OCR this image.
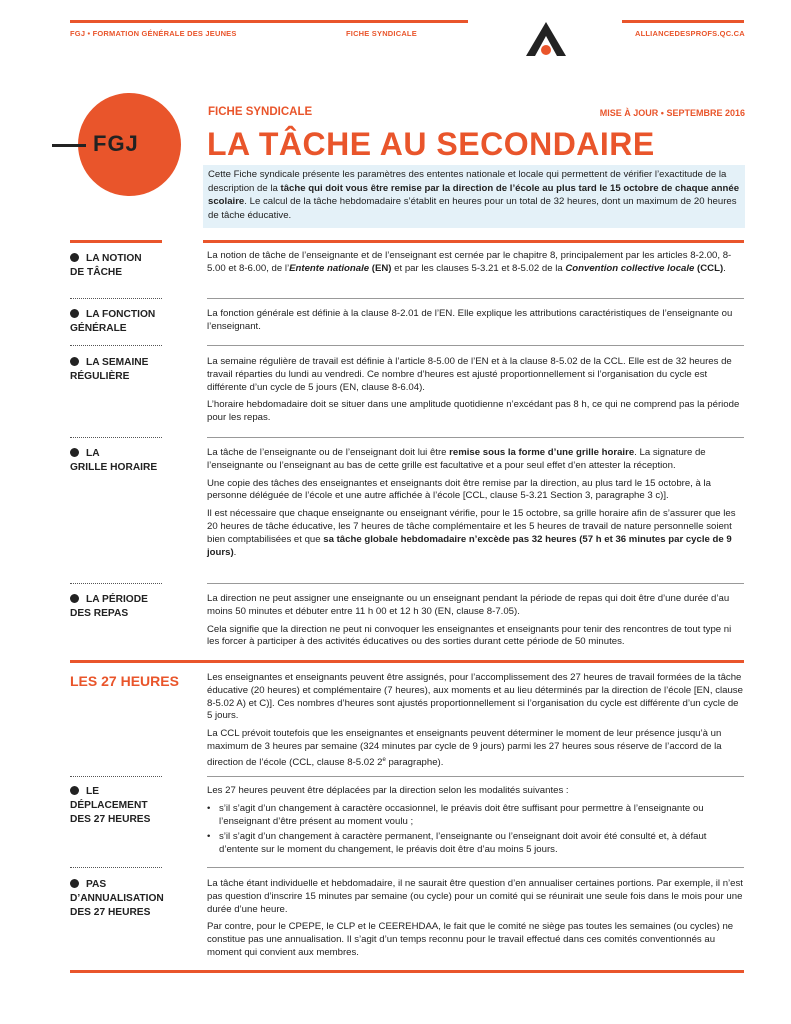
FGJ • FORMATION GÉNÉRALE DES JEUNES	FICHE SYNDICALE	ALLIANCEDESPROFS.QC.CA
FGJ
FICHE SYNDICALE	MISE À JOUR • SEPTEMBRE 2016
LA TÂCHE AU SECONDAIRE
Cette Fiche syndicale présente les paramètres des ententes nationale et locale qui permettent de vérifier l’exactitude de la description de la tâche qui doit vous être remise par la direction de l’école au plus tard le 15 octobre de chaque année scolaire. Le calcul de la tâche hebdomadaire s’établit en heures pour un total de 32 heures, dont un maximum de 20 heures de tâche éducative.
LA NOTION
DE TÂCHE

La notion de tâche de l’enseignante et de l’enseignant est cernée par le chapitre 8, principalement par les articles 8-2.00, 8-5.00 et 8-6.00, de l’Entente nationale (EN) et par les clauses 5-3.21 et 8-5.02 de la Convention collective locale (CCL).

LA FONCTION
GÉNÉRALE

La fonction générale est définie à la clause 8-2.01 de l’EN. Elle explique les attributions caractéristiques de l’enseignante ou l’enseignant.

LA SEMAINE
RÉGULIÈRE

La semaine régulière de travail est définie à l’article 8-5.00 de l’EN et à la clause 8-5.02 de la CCL. Elle est de 32 heures de travail réparties du lundi au vendredi. Ce nombre d’heures est ajusté proportionnellement si l’organisation du cycle est différente d’un cycle de 5 jours (EN, clause 8-6.04).

L’horaire hebdomadaire doit se situer dans une amplitude quotidienne n’excédant pas 8 h, ce qui ne comprend pas la période pour les repas.

LA
GRILLE HORAIRE

La tâche de l’enseignante ou de l’enseignant doit lui être remise sous la forme d’une grille horaire. La signature de l’enseignante ou l’enseignant au bas de cette grille est facultative et a pour seul effet d’en attester la réception.

Une copie des tâches des enseignantes et enseignants doit être remise par la direction, au plus tard le 15 octobre, à la personne déléguée de l’école et une autre affichée à l’école [CCL, clause 5-3.21 Section 3, paragraphe 3 c)].

Il est nécessaire que chaque enseignante ou enseignant vérifie, pour le 15 octobre, sa grille horaire afin de s’assurer que les 20 heures de tâche éducative, les 7 heures de tâche complémentaire et les 5 heures de travail de nature personnelle soient bien comptabilisées et que sa tâche globale hebdomadaire n’excède pas 32 heures (57 h et 36 minutes par cycle de 9 jours).

LA PÉRIODE
DES REPAS

La direction ne peut assigner une enseignante ou un enseignant pendant la période de repas qui doit être d’une durée d’au moins 50 minutes et débuter entre 11 h 00 et 12 h 30 (EN, clause 8-7.05).

Cela signifie que la direction ne peut ni convoquer les enseignantes et enseignants pour tenir des rencontres de tout type ni les forcer à participer à des activités éducatives ou des sorties durant cette période de 50 minutes.

LES 27 HEURES	Les enseignantes et enseignants peuvent être assignés, pour l’accomplissement des 27 heures de travail formées de la tâche éducative (20 heures) et complémentaire (7 heures), aux moments et au lieu déterminés par la direction de l’école [EN, clause 8-5.02 A) et C)]. Ces nombres d’heures sont ajustés proportionnellement si l’organisation du cycle est différente d’un cycle de 5 jours.

La CCL prévoit toutefois que les enseignantes et enseignants peuvent déterminer le moment de leur présence jusqu’à un maximum de 3 heures par semaine (324 minutes par cycle de 9 jours) parmi les 27 heures sous réserve de l’accord de la direction de l’école (CCL, clause 8-5.02 2e paragraphe).

LE
DÉPLACEMENT
DES 27 HEURES

Les 27 heures peuvent être déplacées par la direction selon les modalités suivantes :

• s’il s’agit d’un changement à caractère occasionnel, le préavis doit être suffisant pour permettre à l’enseignante ou l’enseignant d’être présent au moment voulu ;
• s’il s’agit d’un changement à caractère permanent, l’enseignante ou l’enseignant doit avoir été consulté et, à défaut d’entente sur le moment du changement, le préavis doit être d’au moins 5 jours.
PAS
D’ANNUALISATION
DES 27 HEURES

La tâche étant individuelle et hebdomadaire, il ne saurait être question d’en annualiser certaines portions. Par exemple, il n’est pas question d’inscrire 15 minutes par semaine (ou cycle) pour un comité qui se réunirait une seule fois dans le mois pour une durée d’une heure.

Par contre, pour le CPEPE, le CLP et le CEEREHDAA, le fait que le comité ne siège pas toutes les semaines (ou cycles) ne constitue pas une annualisation. Il s’agit d’un temps reconnu pour le travail effectué dans ces comités conventionnés au moment qui convient aux membres.
